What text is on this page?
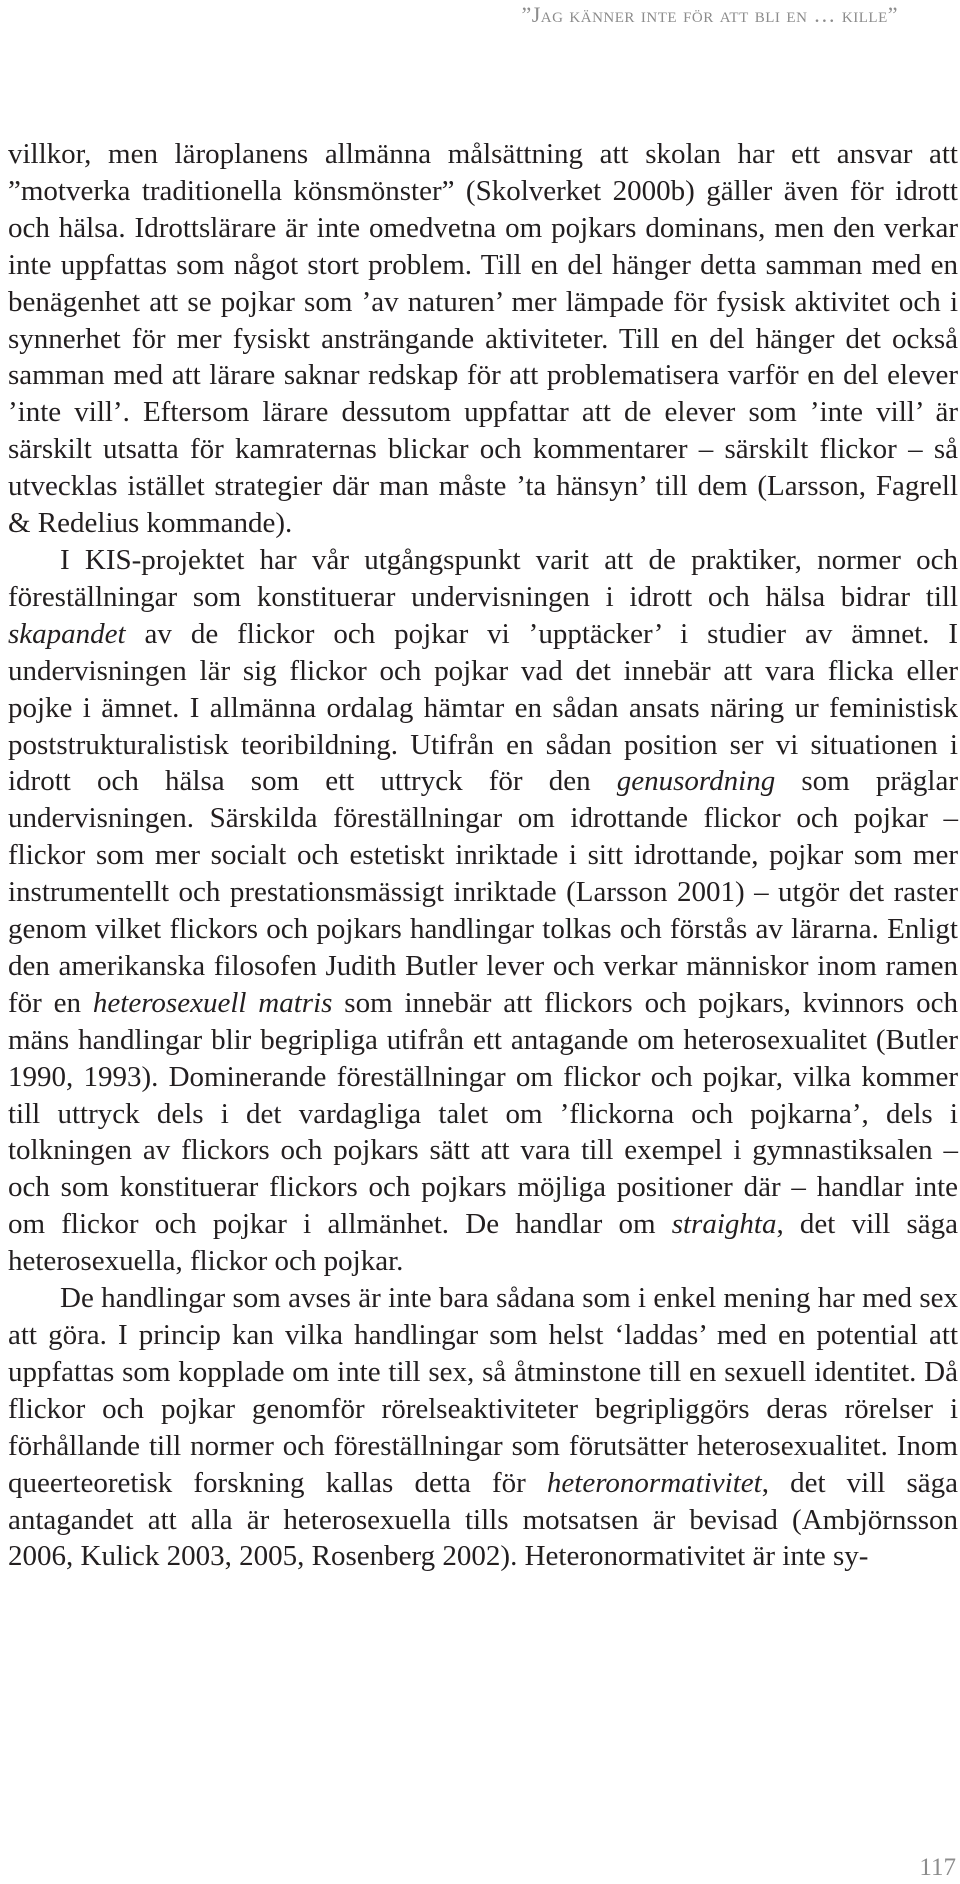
”Jag känner inte för att bli en … kille”

villkor, men läroplanens allmänna målsättning att skolan har ett ansvar att ”motverka traditionella könsmönster” (Skolverket 2000b) gäller även för idrott och hälsa. Idrottslärare är inte omedvetna om pojkars dominans, men den verkar inte uppfattas som något stort problem. Till en del hänger detta samman med en benägenhet att se pojkar som ’av naturen’ mer lämpade för fysisk aktivitet och i synnerhet för mer fysiskt ansträngande aktiviteter. Till en del hänger det också samman med att lärare saknar redskap för att problematisera varför en del elever ’inte vill’. Eftersom lärare dessutom uppfattar att de elever som ’inte vill’ är särskilt utsatta för kamraternas blickar och kommentarer – särskilt flickor – så utvecklas istället strategier där man måste ’ta hänsyn’ till dem (Larsson, Fagrell & Redelius kommande).

I KIS-projektet har vår utgångspunkt varit att de praktiker, normer och föreställningar som konstituerar undervisningen i idrott och hälsa bidrar till skapandet av de flickor och pojkar vi ’upptäcker’ i studier av ämnet. I undervisningen lär sig flickor och pojkar vad det innebär att vara flicka eller pojke i ämnet. I allmänna ordalag hämtar en sådan ansats näring ur feministisk poststrukturalistisk teoribildning. Utifrån en sådan position ser vi situationen i idrott och hälsa som ett uttryck för den genusordning som präglar undervisningen. Särskilda föreställningar om idrottande flickor och pojkar – flickor som mer socialt och estetiskt inriktade i sitt idrottande, pojkar som mer instrumentellt och prestationsmässigt inriktade (Larsson 2001) – utgör det raster genom vilket flickors och pojkars handlingar tolkas och förstås av lärarna. Enligt den amerikanska filosofen Judith Butler lever och verkar människor inom ramen för en heterosexuell matris som innebär att flickors och pojkars, kvinnors och mäns handlingar blir begripliga utifrån ett antagande om heterosexualitet (Butler 1990, 1993). Dominerande föreställningar om flickor och pojkar, vilka kommer till uttryck dels i det vardagliga talet om ’flickorna och pojkarna’, dels i tolkningen av flickors och pojkars sätt att vara till exempel i gymnastiksalen – och som konstituerar flickors och pojkars möjliga positioner där – handlar inte om flickor och pojkar i allmänhet. De handlar om straighta, det vill säga heterosexuella, flickor och pojkar.

De handlingar som avses är inte bara sådana som i enkel mening har med sex att göra. I princip kan vilka handlingar som helst ‘laddas’ med en potential att uppfattas som kopplade om inte till sex, så åtminstone till en sexuell identitet. Då flickor och pojkar genomför rörelseaktiviteter begripliggörs deras rörelser i förhållande till normer och föreställningar som förutsätter heterosexualitet. Inom queerteoretisk forskning kallas detta för heteronormativitet, det vill säga antagandet att alla är heterosexuella tills motsatsen är bevisad (Ambjörnsson 2006, Kulick 2003, 2005, Rosenberg 2002). Heteronormativitet är inte sy-

117
